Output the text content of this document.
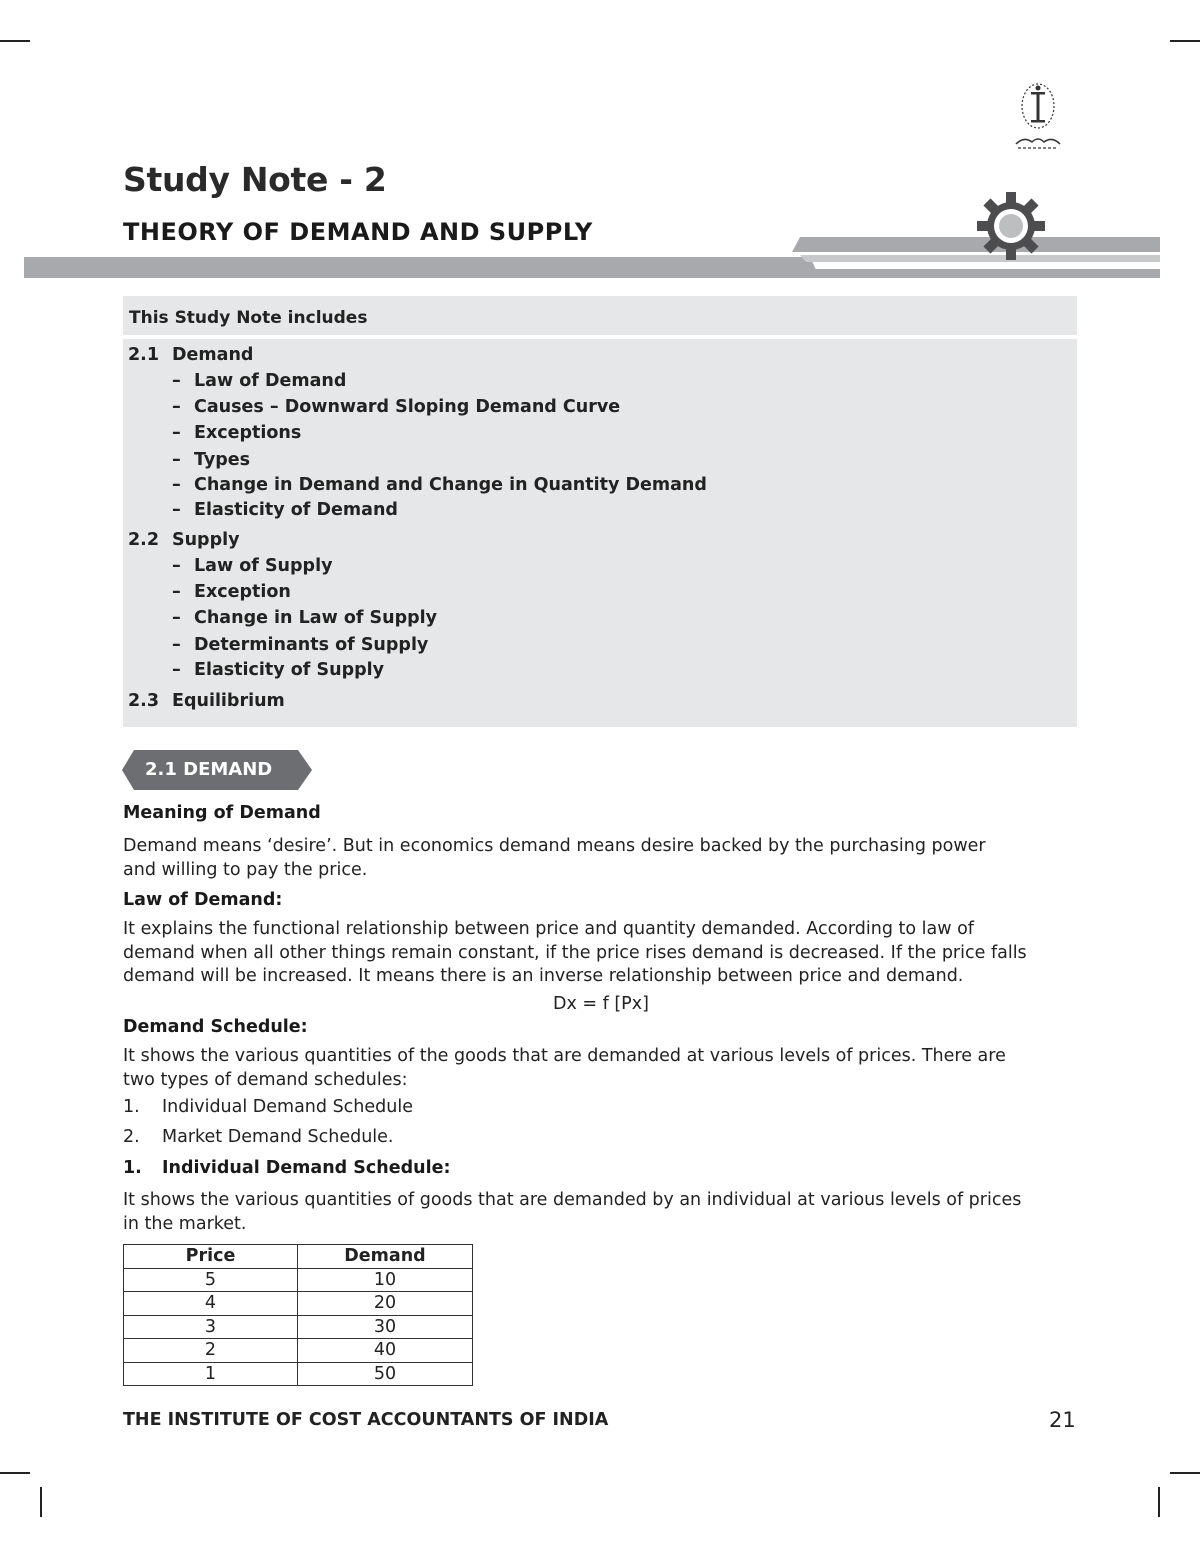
Study Note - 2
THEORY OF DEMAND AND SUPPLY
This Study Note includes
2.1 Demand
– Law of Demand
– Causes – Downward Sloping Demand Curve
– Exceptions
– Types
– Change in Demand and Change in Quantity Demand
– Elasticity of Demand
2.2 Supply
– Law of Supply
– Exception
– Change in Law of Supply
– Determinants of Supply
– Elasticity of Supply
2.3 Equilibrium
2.1 DEMAND
Meaning of Demand
Demand means ‘desire’. But in economics demand means desire backed by the purchasing power
and willing to pay the price.
Law of Demand:
It explains the functional relationship between price and quantity demanded. According to law of
demand when all other things remain constant, if the price rises demand is decreased. If the price falls
demand will be increased. It means there is an inverse relationship between price and demand.
Dx = f [Px]
Demand Schedule:
It shows the various quantities of the goods that are demanded at various levels of prices. There are
two types of demand schedules:
1. Individual Demand Schedule
2. Market Demand Schedule.
1. Individual Demand Schedule:
It shows the various quantities of goods that are demanded by an individual at various levels of prices
in the market.
Price	Demand
5	10
4	20
3	30
2	40
1	50
THE INSTITUTE OF COST ACCOUNTANTS OF INDIA	21
